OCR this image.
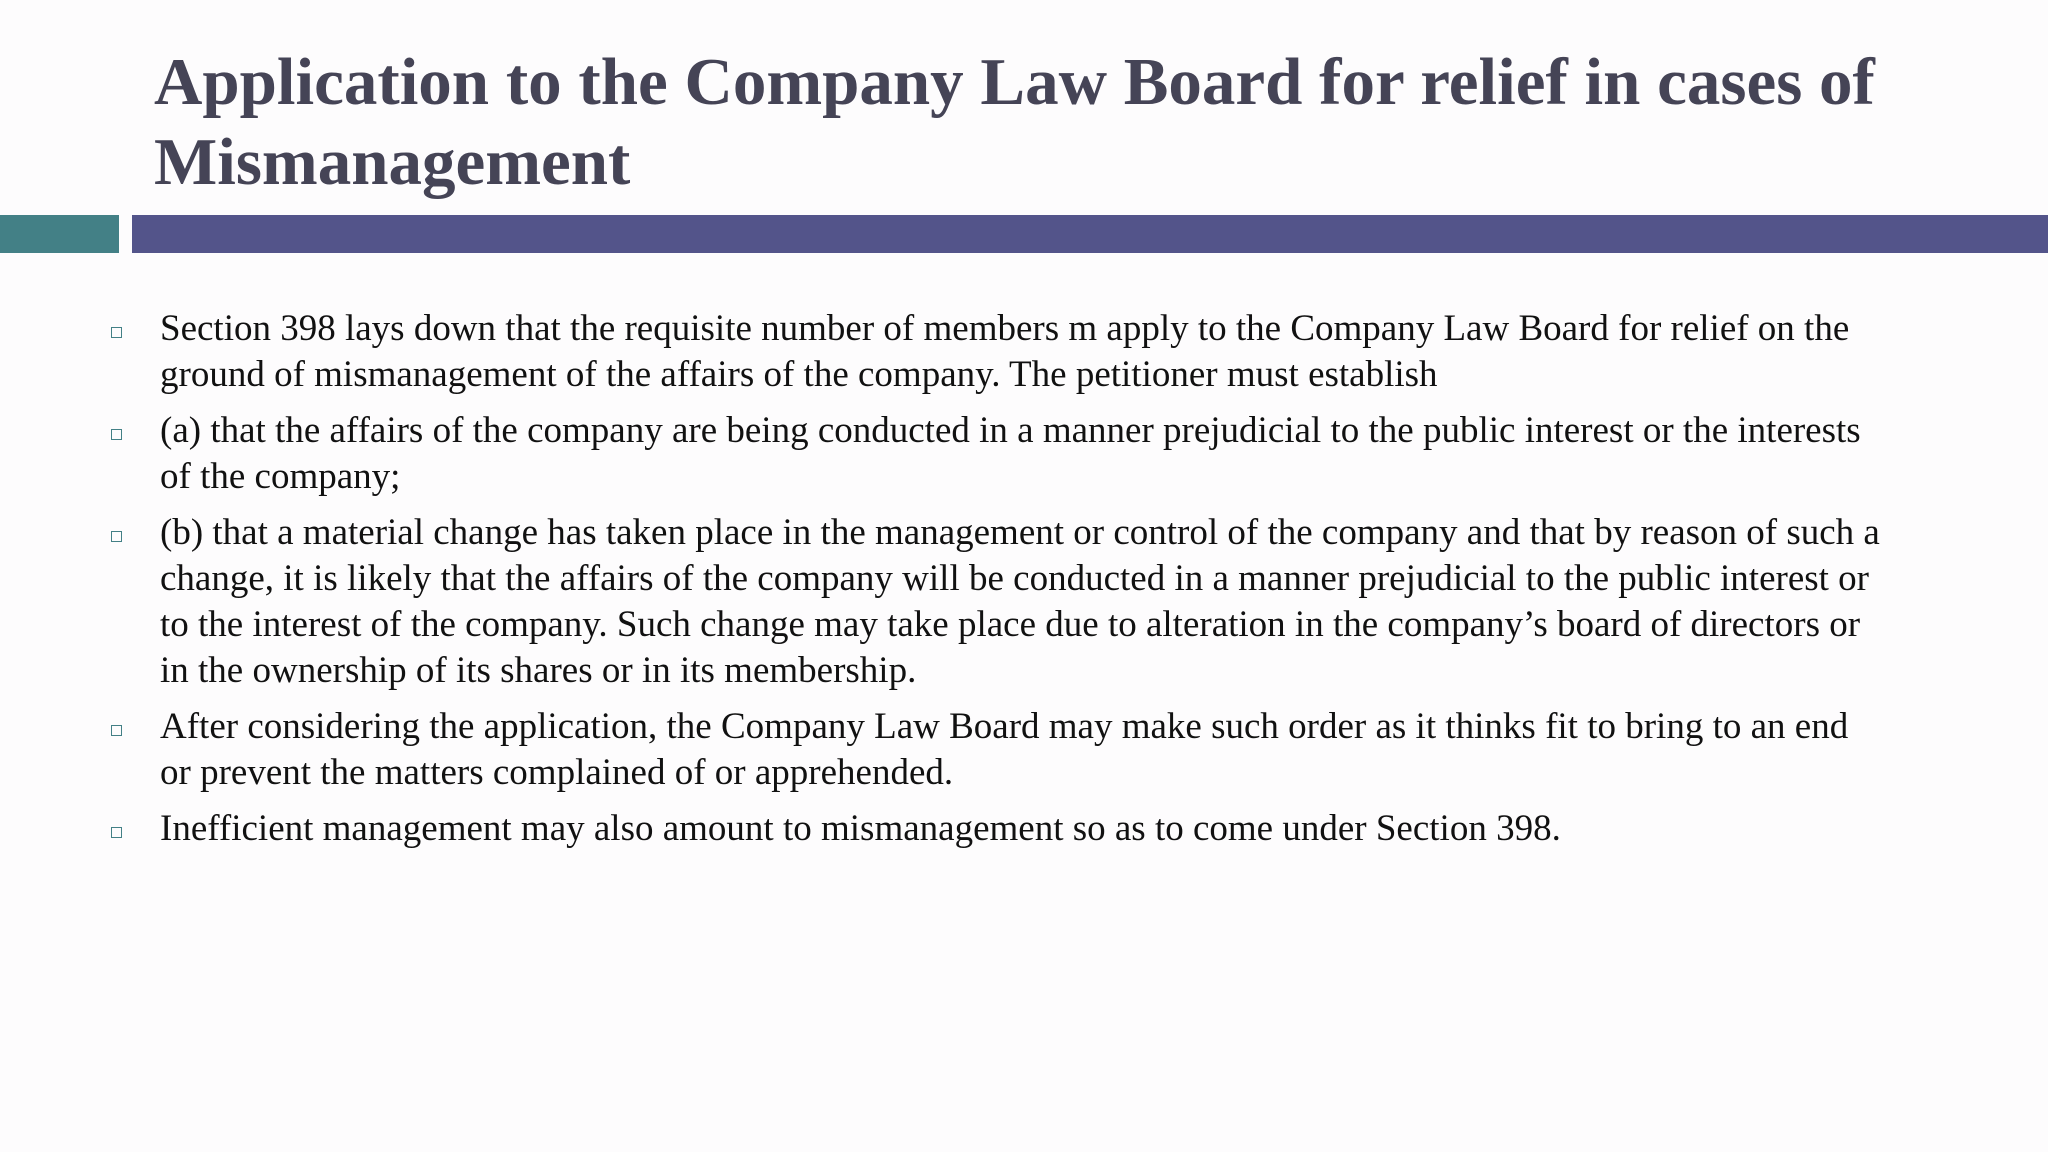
Application to the Company Law Board for relief in cases of Mismanagement
Section 398 lays down that the requisite number of members m apply to the Company Law Board for relief on the ground of mismanagement of the affairs of the company. The petitioner must establish
(a) that the affairs of the company are being conducted in a manner prejudicial to the public interest or the interests of the company;
(b) that a material change has taken place in the management or control of the company and that by reason of such a change, it is likely that the affairs of the company will be conducted in a manner prejudicial to the public interest or to the interest of the company. Such change may take place due to alteration in the company’s board of directors or in the ownership of its shares or in its membership.
After considering the application, the Company Law Board may make such order as it thinks fit to bring to an end or prevent the matters complained of or apprehended.
Inefficient management may also amount to mismanagement so as to come under Section 398.
